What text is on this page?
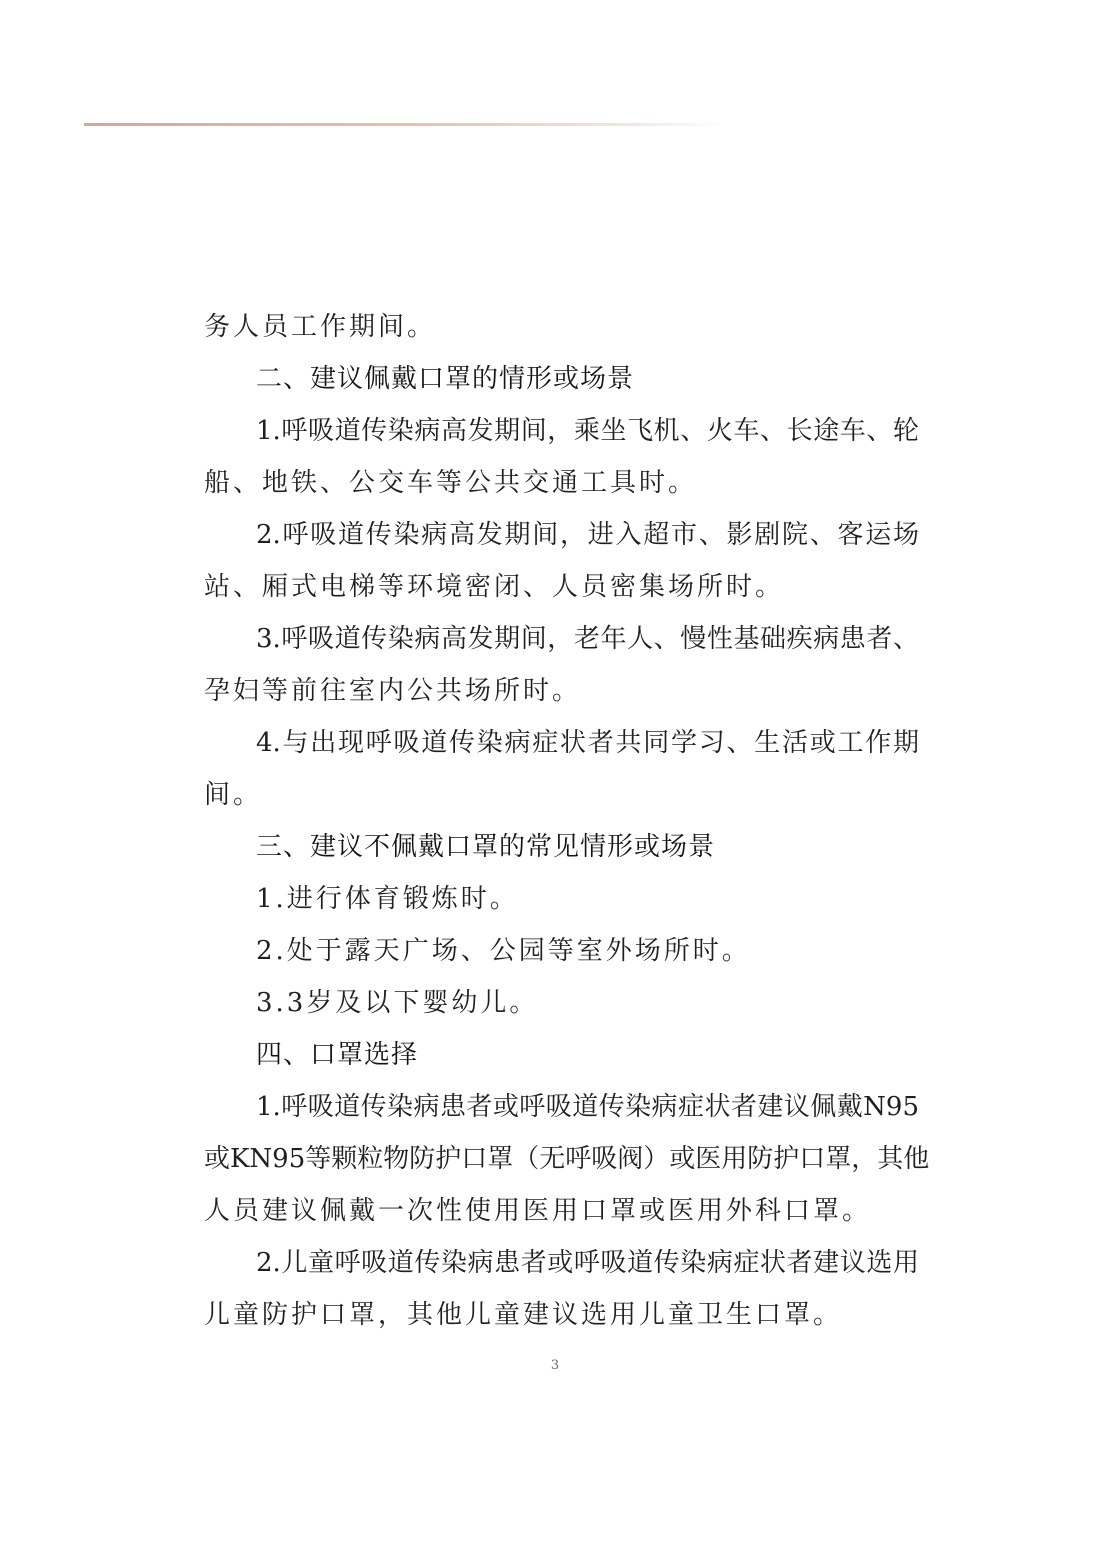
务人员工作期间。
二、建议佩戴口罩的情形或场景
1.呼吸道传染病高发期间，乘坐飞机、火车、长途车、轮
船、地铁、公交车等公共交通工具时。
2.呼吸道传染病高发期间，进入超市、影剧院、客运场
站、厢式电梯等环境密闭、人员密集场所时。
3.呼吸道传染病高发期间，老年人、慢性基础疾病患者、
孕妇等前往室内公共场所时。
4.与出现呼吸道传染病症状者共同学习、生活或工作期
间。
三、建议不佩戴口罩的常见情形或场景
1.进行体育锻炼时。
2.处于露天广场、公园等室外场所时。
3.3岁及以下婴幼儿。
四、口罩选择
1.呼吸道传染病患者或呼吸道传染病症状者建议佩戴N95
或KN95等颗粒物防护口罩（无呼吸阀）或医用防护口罩，其他
人员建议佩戴一次性使用医用口罩或医用外科口罩。
2.儿童呼吸道传染病患者或呼吸道传染病症状者建议选用
儿童防护口罩，其他儿童建议选用儿童卫生口罩。
3
